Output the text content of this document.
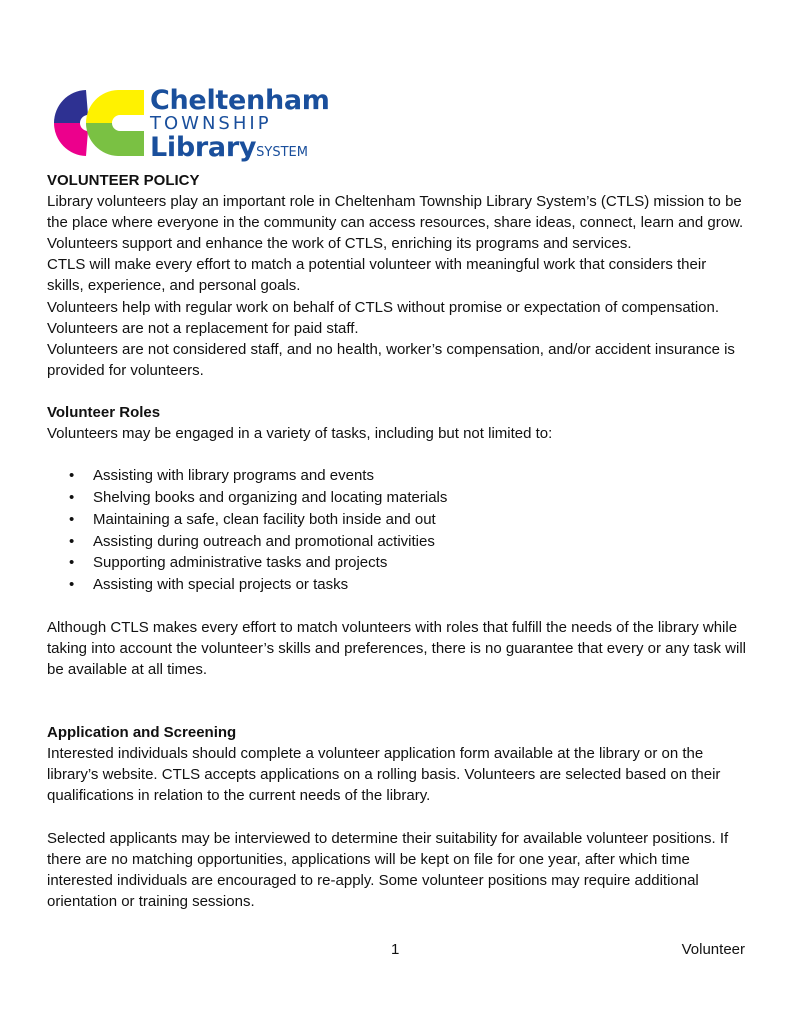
Cheltenham
TOWNSHIP
LibrarySYSTEM

VOLUNTEER POLICY

Library volunteers play an important role in Cheltenham Township Library System’s (CTLS) mission to be the place where everyone in the community can access resources, share ideas, connect, learn and grow. Volunteers support and enhance the work of CTLS, enriching its programs and services.

CTLS will make every effort to match a potential volunteer with meaningful work that considers their skills, experience, and personal goals.

Volunteers help with regular work on behalf of CTLS without promise or expectation of compensation.

Volunteers are not a replacement for paid staff.

Volunteers are not considered staff, and no health, worker’s compensation, and/or accident insurance is provided for volunteers.

Volunteer Roles

Volunteers may be engaged in a variety of tasks, including but not limited to:

• Assisting with library programs and events
• Shelving books and organizing and locating materials
• Maintaining a safe, clean facility both inside and out
• Assisting during outreach and promotional activities
• Supporting administrative tasks and projects
• Assisting with special projects or tasks

Although CTLS makes every effort to match volunteers with roles that fulfill the needs of the library while taking into account the volunteer’s skills and preferences, there is no guarantee that every or any task will be available at all times.

Application and Screening

Interested individuals should complete a volunteer application form available at the library or on the library’s website. CTLS accepts applications on a rolling basis. Volunteers are selected based on their qualifications in relation to the current needs of the library.

Selected applicants may be interviewed to determine their suitability for available volunteer positions. If there are no matching opportunities, applications will be kept on file for one year, after which time interested individuals are encouraged to re-apply. Some volunteer positions may require additional orientation or training sessions.

1	Volunteer
